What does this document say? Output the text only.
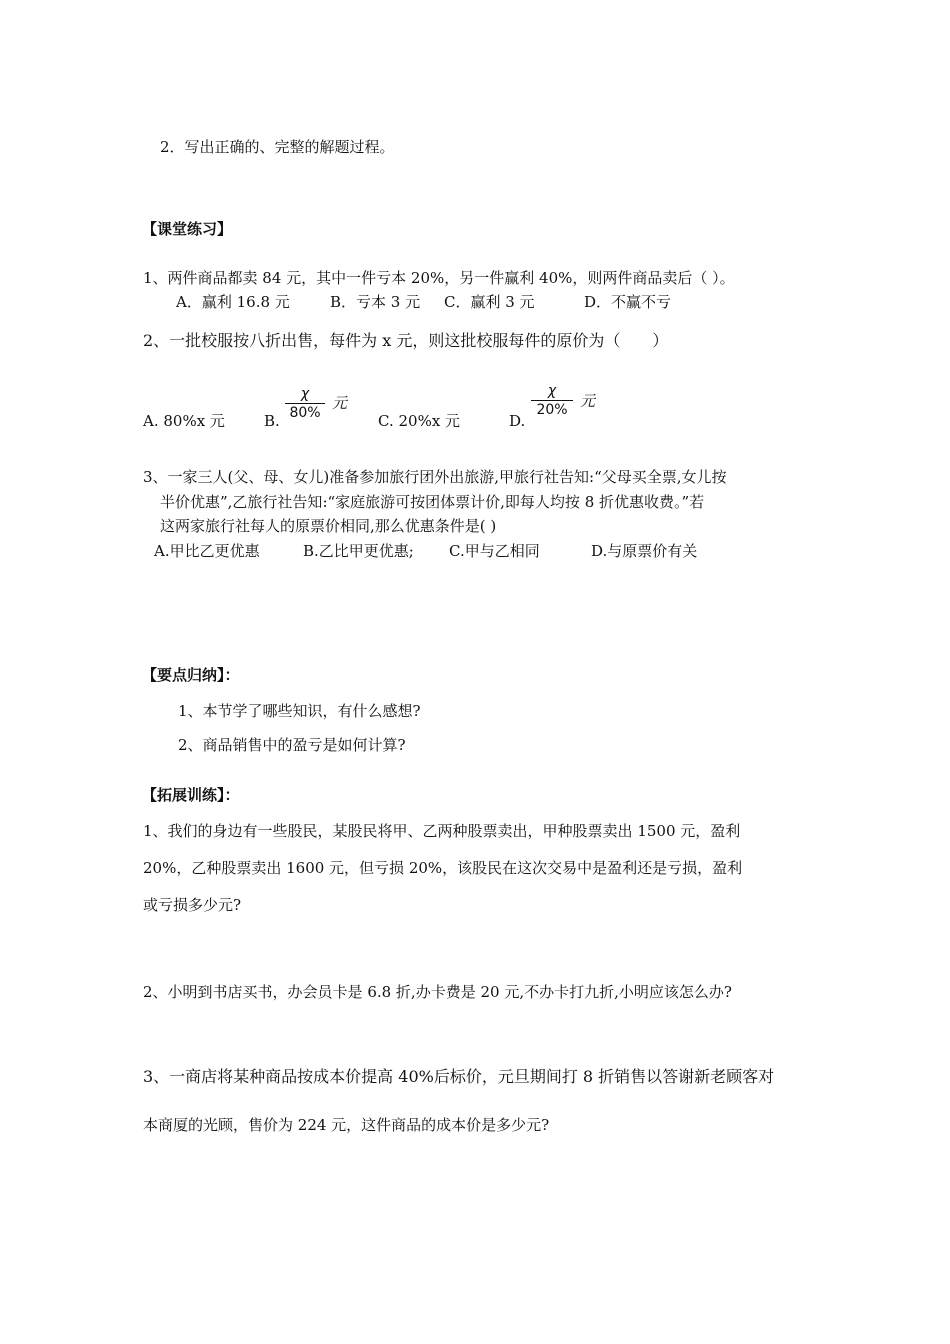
2．写出正确的、完整的解题过程。
【课堂练习】
1、两件商品都卖 84 元，其中一件亏本 20%，另一件赢利 40%，则两件商品卖后（ ）。
A．赢利 16.8 元	B．亏本 3 元 C．赢利 3 元	D．不赢不亏
2、一批校服按八折出售，每件为 x 元，则这批校服每件的原价为（　　）
A. 80%x 元	B.
χ
80%
元
C. 20%x 元	D.
χ
20% 元
3、一家三人(父、母、女儿)准备参加旅行团外出旅游,甲旅行社告知:“父母买全票,女儿按
半价优惠”,乙旅行社告知:“家庭旅游可按团体票计价,即每人均按 8 折优惠收费。”若
这两家旅行社每人的原票价相同,那么优惠条件是( )
A.甲比乙更优惠	B.乙比甲更优惠; C.甲与乙相同	D.与原票价有关
【要点归纳】：
1、本节学了哪些知识，有什么感想?
2、商品销售中的盈亏是如何计算?
【拓展训练】：
1、我们的身边有一些股民，某股民将甲、乙两种股票卖出，甲种股票卖出 1500 元，盈利
20%，乙种股票卖出 1600 元，但亏损 20%，该股民在这次交易中是盈利还是亏损，盈利
或亏损多少元?
2、小明到书店买书，办会员卡是 6.8 折,办卡费是 20 元,不办卡打九折,小明应该怎么办?
3、一商店将某种商品按成本价提高 40%后标价，元旦期间打 8 折销售以答谢新老顾客对
本商厦的光顾，售价为 224 元，这件商品的成本价是多少元?
